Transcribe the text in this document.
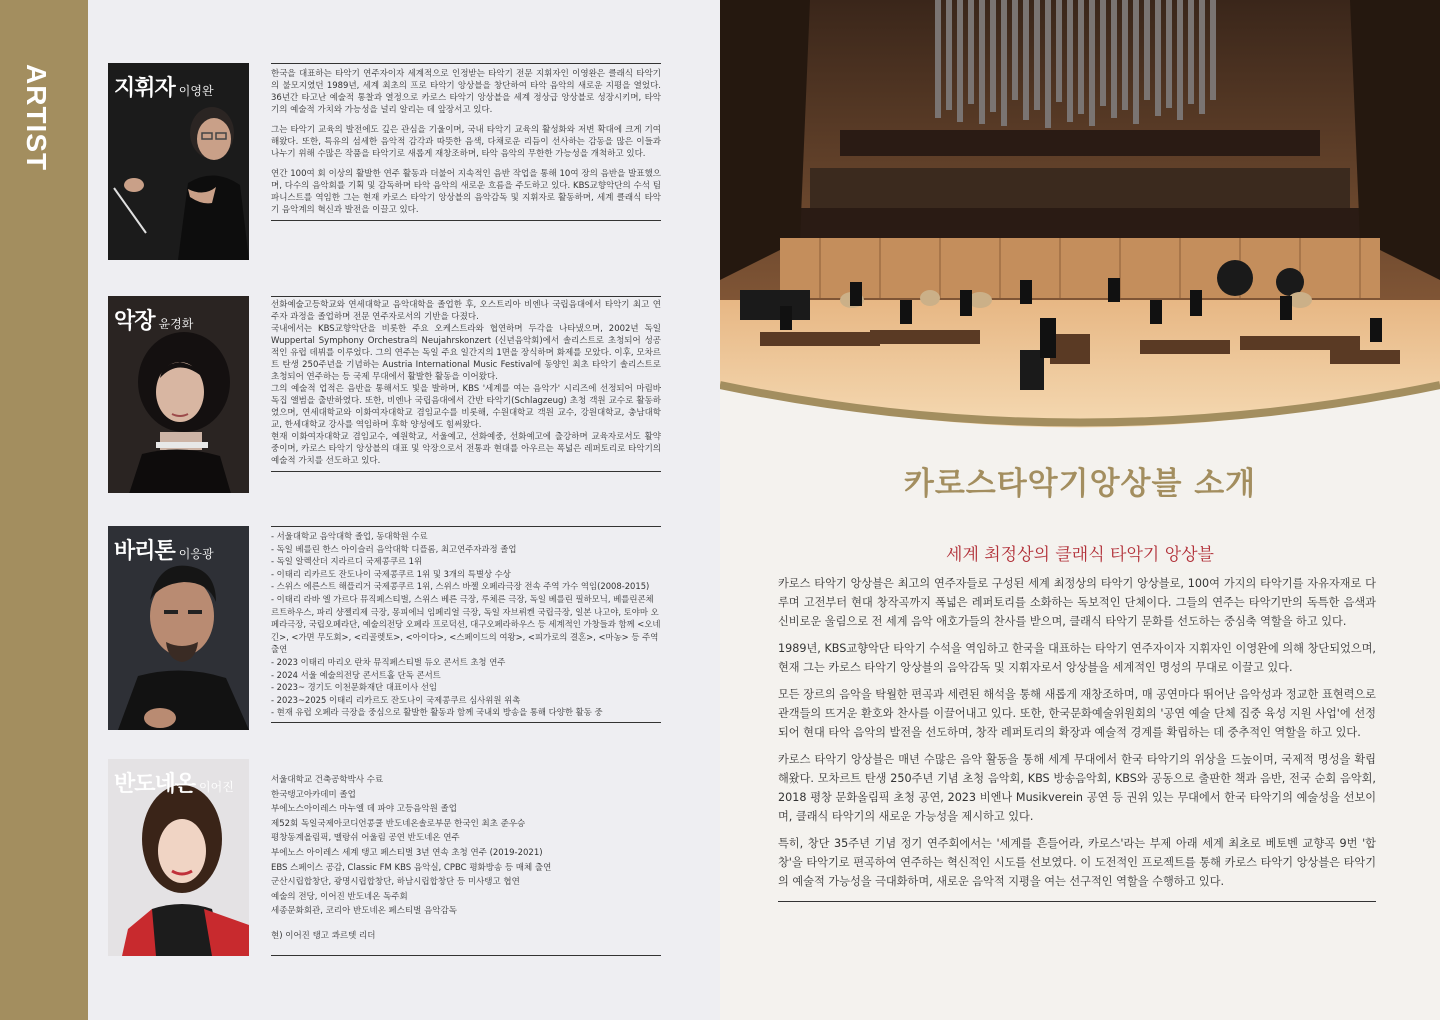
ARTIST	지휘자 이영완

한국을 대표하는 타악기 연주자이자 세계적으로 인정받는 타악기 전문 지휘자인 이영완은 클래식 타악기의 불모지였던 1989년, 세계 최초의 프로 타악기 앙상블을 창단하여 타악 음악의 새로운 지평을 열었다. 36년간 타고난 예술적 통찰과 열정으로 카로스 타악기 앙상블을 세계 정상급 앙상블로 성장시키며, 타악기의 예술적 가치와 가능성을 널리 알리는 데 앞장서고 있다.

그는 타악기 교육의 발전에도 깊은 관심을 기울이며, 국내 타악기 교육의 활성화와 저변 확대에 크게 기여해왔다. 또한, 특유의 섬세한 음악적 감각과 따뜻한 음색, 다채로운 리듬이 선사하는 감동을 많은 이들과 나누기 위해 수많은 작품을 타악기로 새롭게 재창조하며, 타악 음악의 무한한 가능성을 개척하고 있다.

연간 100여 회 이상의 활발한 연주 활동과 더불어 지속적인 음반 작업을 통해 10여 장의 음반을 발표했으며, 다수의 음악회를 기획 및 감독하며 타악 음악의 새로운 흐름을 주도하고 있다. KBS교향악단의 수석 팀파니스트를 역임한 그는 현재 카로스 타악기 앙상블의 음악감독 및 지휘자로 활동하며, 세계 클래식 타악기 음악계의 혁신과 발전을 이끌고 있다.

악장 윤경화

선화예술고등학교와 연세대학교 음악대학을 졸업한 후, 오스트리아 비엔나 국립음대에서 타악기 최고 연주자 과정을 졸업하며 전문 연주자로서의 기반을 다졌다.

국내에서는 KBS교향악단을 비롯한 주요 오케스트라와 협연하며 두각을 나타냈으며, 2002년 독일 Wuppertal Symphony Orchestra의 Neujahrskonzert (신년음악회)에서 솔리스트로 초청되어 성공적인 유럽 데뷔를 이루었다. 그의 연주는 독일 주요 일간지의 1면을 장식하며 화제를 모았다. 이후, 모차르트 탄생 250주년을 기념하는 Austria International Music Festival에 동양인 최초 타악기 솔리스트로 초청되어 연주하는 등 국제 무대에서 활발한 활동을 이어왔다.

그의 예술적 업적은 음반을 통해서도 빛을 발하며, KBS '세계를 여는 음악가' 시리즈에 선정되어 마림바 독집 앨범을 출반하였다. 또한, 비엔나 국립음대에서 간반 타악기(Schlagzeug) 초청 객원 교수로 활동하였으며, 연세대학교와 이화여자대학교 겸임교수를 비롯해, 수원대학교 객원 교수, 강원대학교, 충남대학교, 한세대학교 강사를 역임하며 후학 양성에도 힘써왔다.

현재 이화여자대학교 겸임교수, 예원학교, 서울예고, 선화예중, 선화예고에 출강하며 교육자로서도 활약 중이며, 카로스 타악기 앙상블의 대표 및 악장으로서 전통과 현대를 아우르는 폭넓은 레퍼토리로 타악기의 예술적 가치를 선도하고 있다.

바리톤 이응광
- 서울대학교 음악대학 졸업, 동대학원 수료
- 독일 베를린 한스 아이슬러 음악대학 디플롬, 최고연주자과정 졸업
- 독일 알렉산더 지라르디 국제콩쿠르 1위
- 이태리 리카르도 잔도나이 국제콩쿠르 1위 및 3개의 특별상 수상
- 스위스 에른스트 해플리거 국제콩쿠르 1위, 스위스 바젤 오페라극장 전속 주역 가수 역임(2008-2015)
- 이태리 라바 엘 가르다 뮤직페스티벌, 스위스 베른 극장, 루체른 극장, 독일 베를린 필하모닉, 베를린콘체르트하우스, 파리 샹젤리제 극장, 몽피에늬 임페리얼 극장, 독일 자브뤼켄 국립극장, 일본 나고야, 토야마 오페라극장, 국립오페라단, 예술의전당 오페라 프로덕션, 대구오페라하우스 등 세계적인 가창들과 함께 <오네긴>, <가면 무도회>, <리골렛토>, <아이다>, <스페이드의 여왕>, <피가로의 결혼>, <마농> 등 주역 출연
- 2023 이태리 마리오 란차 뮤직페스티벌 듀오 콘서트 초청 연주
- 2024 서울 예술의전당 콘서트홀 단독 콘서트
- 2023~ 경기도 이천문화재단 대표이사 선임
- 2023~2025 이태리 리카르도 잔도나이 국제콩쿠르 심사위원 위촉
- 현재 유럽 오페라 극장을 중심으로 활발한 활동과 함께 국내외 방송을 통해 다양한 활동 중
반도네온 이어진	서울대학교 건축공학박사 수료
한국탱고아카데미 졸업
부에노스아이레스 마누엘 데 파야 고등음악원 졸업
제52회 독일국제아코디언콩쿨 반도네온솔로부문 한국인 최초 준우승
평창동계올림픽, 멜랑쉬 어울림 공연 반도네온 연주
부에노스 아이레스 세계 탱고 페스티벌 3년 연속 초청 연주 (2019-2021)
EBS 스페이스 공감, Classic FM KBS 음악실, CPBC 평화방송 등 매체 출연
군산시립합창단, 광명시립합창단, 하남시립합창단 등 미사탱고 협연
예술의 전당, 이어진 반도네온 독주회
세종문화회관, 코리아 반도네온 페스티벌 음악감독
현) 이어진 탱고 콰르텟 리더
카로스타악기앙상블 소개
세계 최정상의 클래식 타악기 앙상블

카로스 타악기 앙상블은 최고의 연주자들로 구성된 세계 최정상의 타악기 앙상블로, 100여 가지의 타악기를 자유자재로 다루며 고전부터 현대 창작곡까지 폭넓은 레퍼토리를 소화하는 독보적인 단체이다. 그들의 연주는 타악기만의 독특한 음색과 신비로운 울림으로 전 세계 음악 애호가들의 찬사를 받으며, 클래식 타악기 문화를 선도하는 중심축 역할을 하고 있다.

1989년, KBS교향악단 타악기 수석을 역임하고 한국을 대표하는 타악기 연주자이자 지휘자인 이영완에 의해 창단되었으며, 현재 그는 카로스 타악기 앙상블의 음악감독 및 지휘자로서 앙상블을 세계적인 명성의 무대로 이끌고 있다.

모든 장르의 음악을 탁월한 편곡과 세련된 해석을 통해 새롭게 재창조하며, 매 공연마다 뛰어난 음악성과 정교한 표현력으로 관객들의 뜨거운 환호와 찬사를 이끌어내고 있다. 또한, 한국문화예술위원회의 '공연 예술 단체 집중 육성 지원 사업'에 선정되어 현대 타악 음악의 발전을 선도하며, 창작 레퍼토리의 확장과 예술적 경계를 확립하는 데 중추적인 역할을 하고 있다.

카로스 타악기 앙상블은 매년 수많은 음악 활동을 통해 세계 무대에서 한국 타악기의 위상을 드높이며, 국제적 명성을 확립해왔다. 모차르트 탄생 250주년 기념 초청 음악회, KBS 방송음악회, KBS와 공동으로 출판한 책과 음반, 전국 순회 음악회, 2018 평창 문화올림픽 초청 공연, 2023 비엔나 Musikverein 공연 등 권위 있는 무대에서 한국 타악기의 예술성을 선보이며, 클래식 타악기의 새로운 가능성을 제시하고 있다.

특히, 창단 35주년 기념 정기 연주회에서는 '세계를 흔들어라, 카로스'라는 부제 아래 세계 최초로 베토벤 교향곡 9번 '합창'을 타악기로 편곡하여 연주하는 혁신적인 시도를 선보였다. 이 도전적인 프로젝트를 통해 카로스 타악기 앙상블은 타악기의 예술적 가능성을 극대화하며, 새로운 음악적 지평을 여는 선구적인 역할을 수행하고 있다.
